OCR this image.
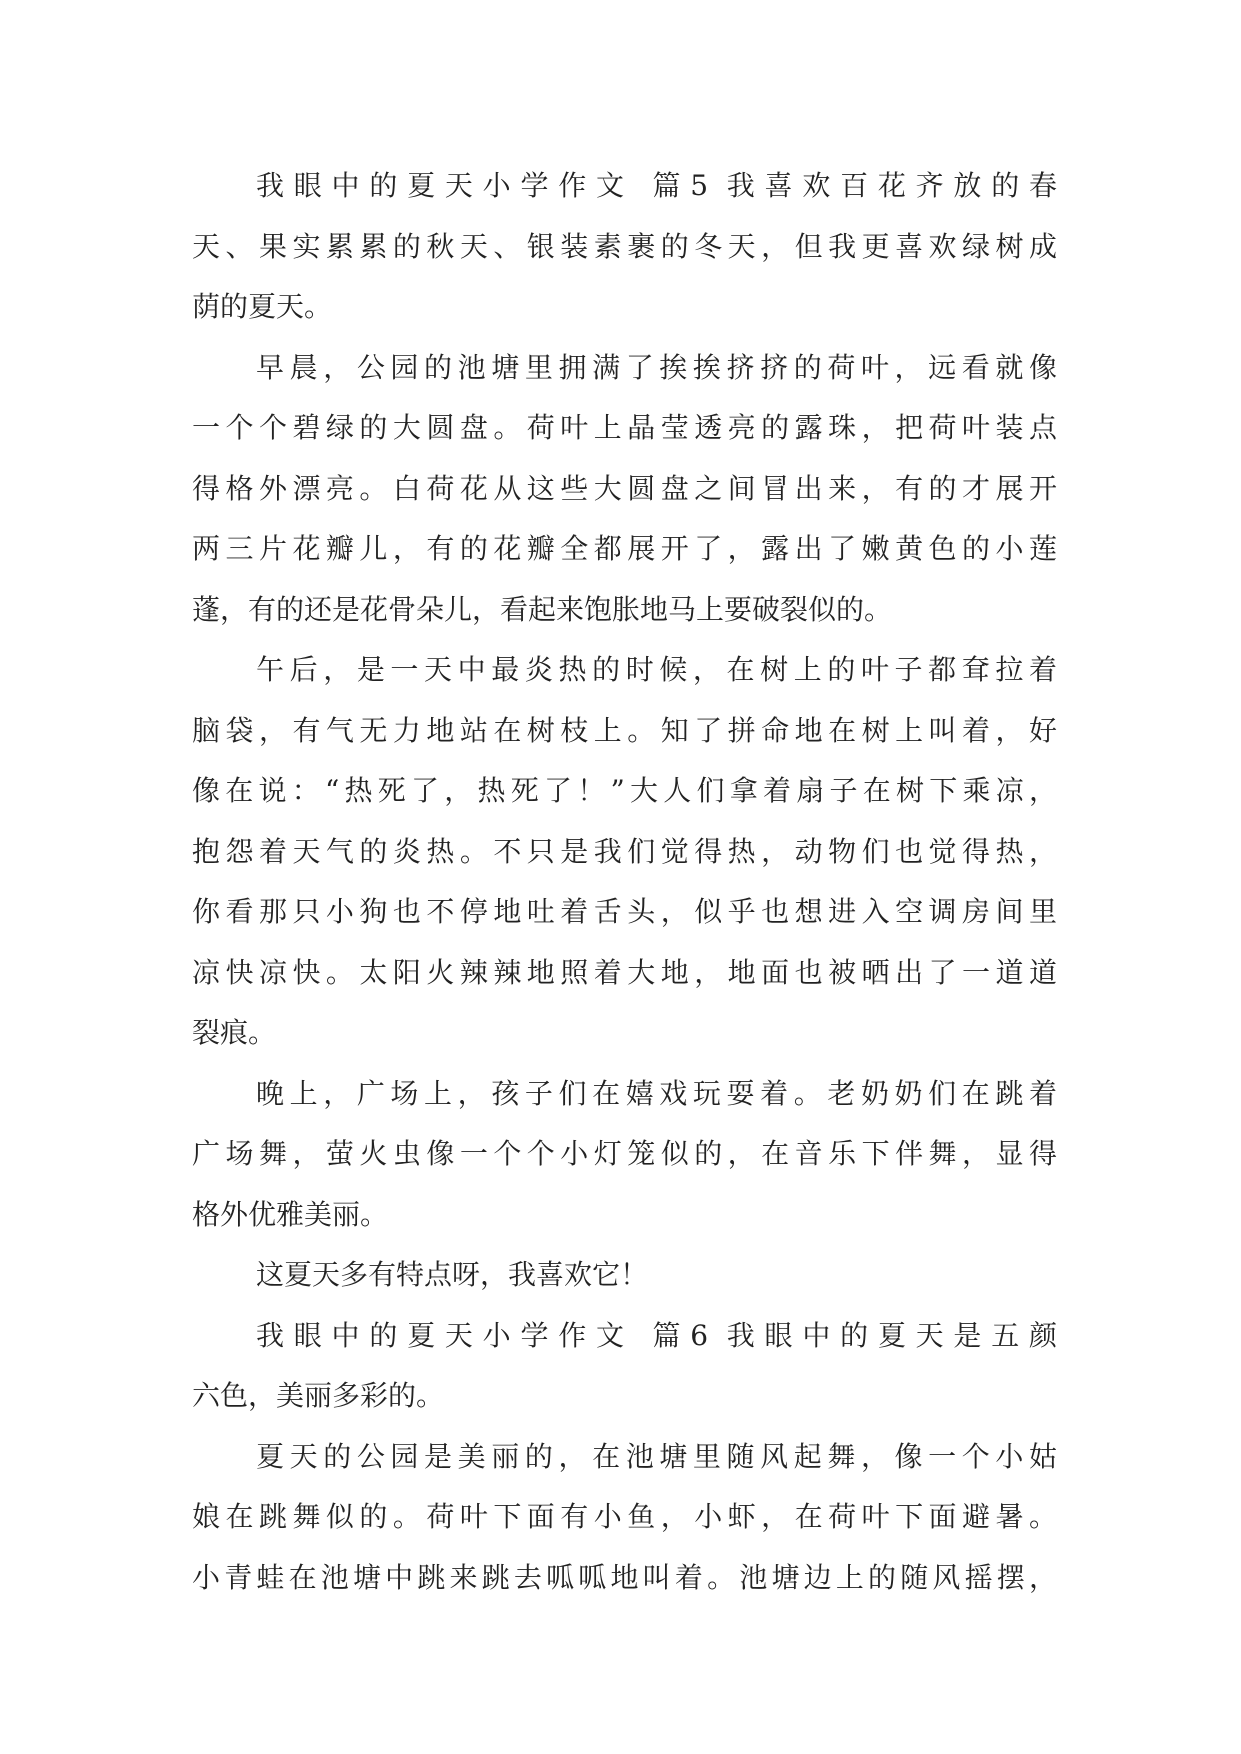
我眼中的夏天小学作文 篇5 我喜欢百花齐放的春
天、果实累累的秋天、银装素裹的冬天，但我更喜欢绿树成
荫的夏天。
早晨，公园的池塘里拥满了挨挨挤挤的荷叶，远看就像
一个个碧绿的大圆盘。荷叶上晶莹透亮的露珠，把荷叶装点
得格外漂亮。白荷花从这些大圆盘之间冒出来，有的才展开
两三片花瓣儿，有的花瓣全都展开了，露出了嫩黄色的小莲
蓬，有的还是花骨朵儿，看起来饱胀地马上要破裂似的。
午后，是一天中最炎热的时候，在树上的叶子都耷拉着
脑袋，有气无力地站在树枝上。知了拼命地在树上叫着，好
像在说：“热死了，热死了！”大人们拿着扇子在树下乘凉，
抱怨着天气的炎热。不只是我们觉得热，动物们也觉得热，
你看那只小狗也不停地吐着舌头，似乎也想进入空调房间里
凉快凉快。太阳火辣辣地照着大地，地面也被晒出了一道道
裂痕。
晚上，广场上，孩子们在嬉戏玩耍着。老奶奶们在跳着
广场舞，萤火虫像一个个小灯笼似的，在音乐下伴舞，显得
格外优雅美丽。
这夏天多有特点呀，我喜欢它！
我眼中的夏天小学作文 篇6 我眼中的夏天是五颜
六色，美丽多彩的。
夏天的公园是美丽的，在池塘里随风起舞，像一个小姑
娘在跳舞似的。荷叶下面有小鱼，小虾，在荷叶下面避暑。
小青蛙在池塘中跳来跳去呱呱地叫着。池塘边上的随风摇摆，
